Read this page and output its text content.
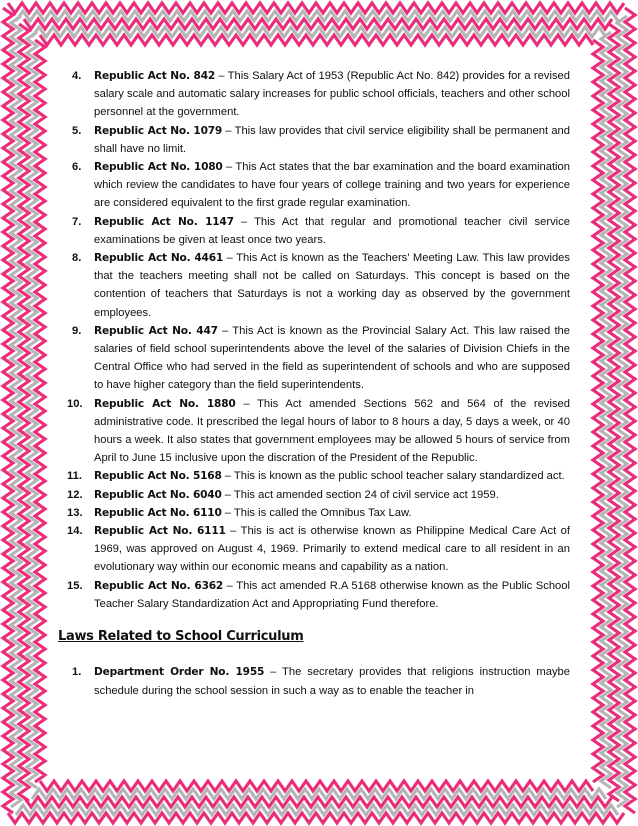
4. Republic Act No. 842 – This Salary Act of 1953 (Republic Act No. 842) provides for a revised salary scale and automatic salary increases for public school officials, teachers and other school personnel at the government.
5. Republic Act No. 1079 – This law provides that civil service eligibility shall be permanent and shall have no limit.
6. Republic Act No. 1080 – This Act states that the bar examination and the board examination which review the candidates to have four years of college training and two years for experience are considered equivalent to the first grade regular examination.
7. Republic Act No. 1147 – This Act that regular and promotional teacher civil service examinations be given at least once two years.
8. Republic Act No. 4461 – This Act is known as the Teachers’ Meeting Law. This law provides that the teachers meeting shall not be called on Saturdays. This concept is based on the contention of teachers that Saturdays is not a working day as observed by the government employees.
9. Republic Act No. 447 – This Act is known as the Provincial Salary Act. This law raised the salaries of field school superintendents above the level of the salaries of Division Chiefs in the Central Office who had served in the field as superintendent of schools and who are supposed to have higher category than the field superintendents.
10. Republic Act No. 1880 – This Act amended Sections 562 and 564 of the revised administrative code. It prescribed the legal hours of labor to 8 hours a day, 5 days a week, or 40 hours a week. It also states that government employees may be allowed 5 hours of service from April to June 15 inclusive upon the discration of the President of the Republic.
11. Republic Act No. 5168 – This is known as the public school teacher salary standardized act.
12. Republic Act No. 6040 – This act amended section 24 of civil service act 1959.
13. Republic Act No. 6110 – This is called the Omnibus Tax Law.
14. Republic Act No. 6111 – This is act is otherwise known as Philippine Medical Care Act of 1969, was approved on August 4, 1969. Primarily to extend medical care to all resident in an evolutionary way within our economic means and capability as a nation.
15. Republic Act No. 6362 – This act amended R.A 5168 otherwise known as the Public School Teacher Salary Standardization Act and Appropriating Fund therefore.
Laws Related to School Curriculum
1. Department Order No. 1955 – The secretary provides that religions instruction maybe schedule during the school session in such a way as to enable the teacher in
